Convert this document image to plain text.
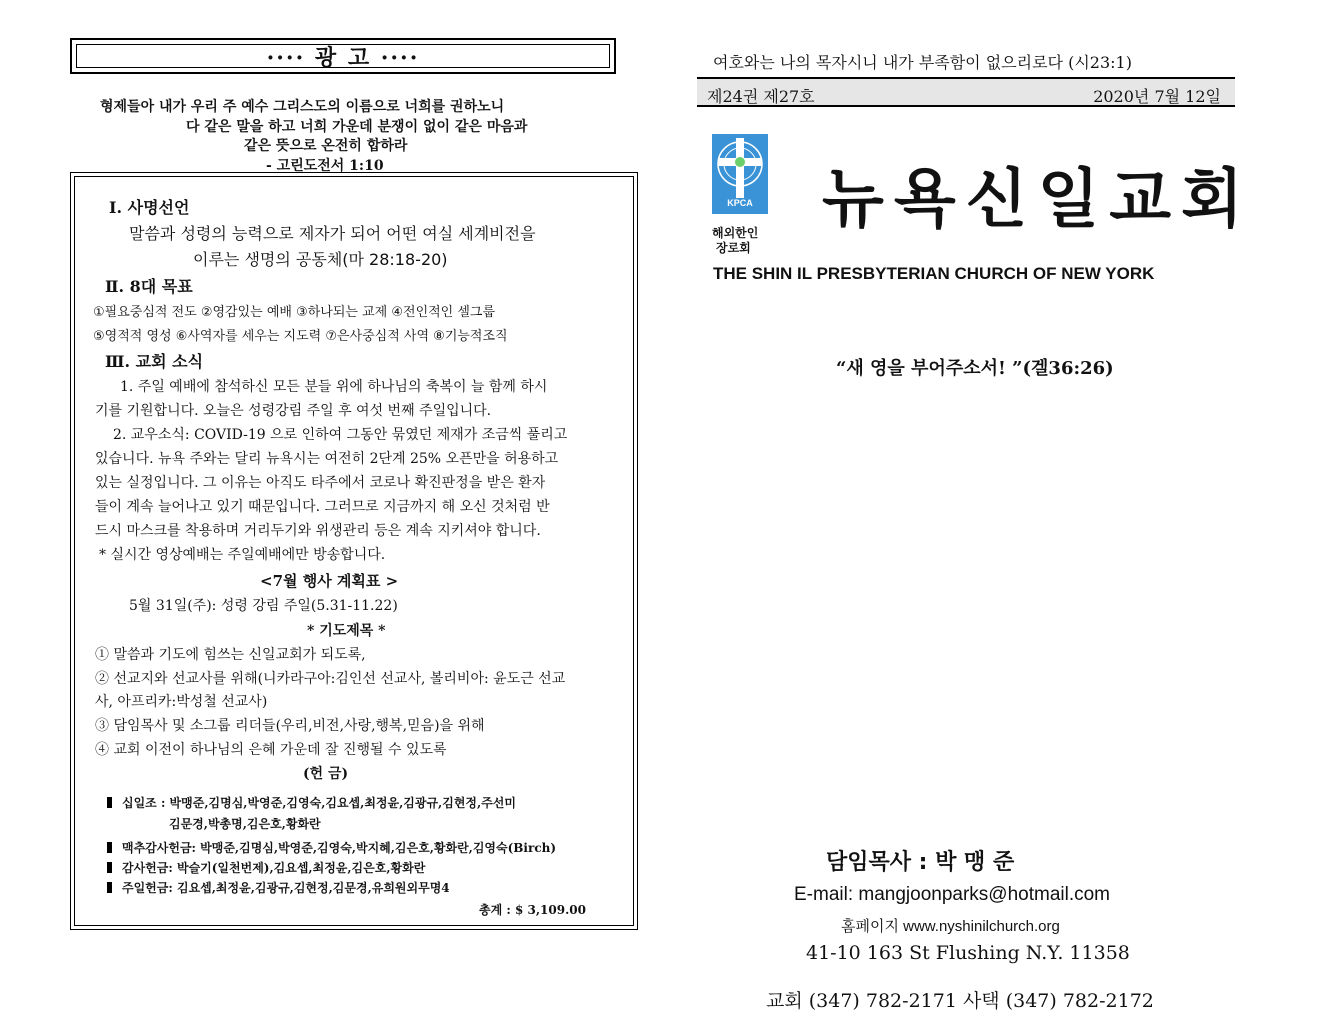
···· 광 고 ····
형제들아 내가 우리 주 예수 그리스도의 이름으로 너희를 권하노니
다 같은 말을 하고 너희 가운데 분쟁이 없이 같은 마음과
같은 뜻으로 온전히 합하라
- 고린도전서 1:10
Ⅰ. 사명선언
말씀과 성령의 능력으로 제자가 되어 어떤 여실 세계비전을
이루는 생명의 공동체(마 28:18-20)
Ⅱ. 8대 목표
①필요중심적 전도 ②영감있는 예배 ③하나되는 교제 ④전인적인 셀그룹
⑤영적적 영성 ⑥사역자를 세우는 지도력 ⑦은사중심적 사역 ⑧기능적조직
Ⅲ. 교회 소식
1. 주일 예배에 참석하신 모든 분들 위에 하나님의 축복이 늘 함께 하시
기를 기원합니다. 오늘은 성령강림 주일 후 여섯 번째 주일입니다.
2. 교우소식: COVID-19 으로 인하여 그동안 묶였던 제재가 조금씩 풀리고
있습니다. 뉴욕 주와는 달리 뉴욕시는 여전히 2단계 25% 오픈만을 허용하고
있는 실정입니다. 그 이유는 아직도 타주에서 코로나 확진판정을 받은 환자
들이 계속 늘어나고 있기 때문입니다. 그러므로 지금까지 해 오신 것처럼 반
드시 마스크를 착용하며 거리두기와 위생관리 등은 계속 지키셔야 합니다.
* 실시간 영상예배는 주일예배에만 방송합니다.
<7월 행사 계획표 >
5월 31일(주): 성령 강림 주일(5.31-11.22)
* 기도제목 *
① 말씀과 기도에 힘쓰는 신일교회가 되도록,
② 선교지와 선교사를 위해(니카라구아:김인선 선교사, 볼리비아: 윤도근 선교
사, 아프리카:박성철 선교사)
③ 담임목사 및 소그룹 리더들(우리,비전,사랑,행복,믿음)을 위해
④ 교회 이전이 하나님의 은혜 가운데 잘 진행될 수 있도록
(헌 금)
십일조 : 박맹준,김명심,박영준,김영숙,김요셉,최정윤,김광규,김현정,주선미
김문경,박총명,김은호,황화란
맥추감사헌금: 박맹준,김명심,박영준,김영숙,박지혜,김은호,황화란,김영숙(Birch)
감사헌금: 박슬기(일천번제),김요셉,최정윤,김은호,황화란
주일헌금: 김요셉,최정윤,김광규,김현정,김문경,유희원외무명4
총계 : $ 3,109.00
여호와는 나의 목자시니 내가 부족함이 없으리로다 (시23:1)
제24권 제27호	2020년 7월 12일
KPCA
해외한인
장로회
뉴욕신일교회
THE SHIN IL PRESBYTERIAN CHURCH OF NEW YORK
“새 영을 부어주소서! ”(겔36:26)
담임목사 : 박 맹 준
E-mail: mangjoonparks@hotmail.com
홈페이지 www.nyshinilchurch.org
41-10 163 St Flushing N.Y. 11358
교회 (347) 782-2171 사택 (347) 782-2172
